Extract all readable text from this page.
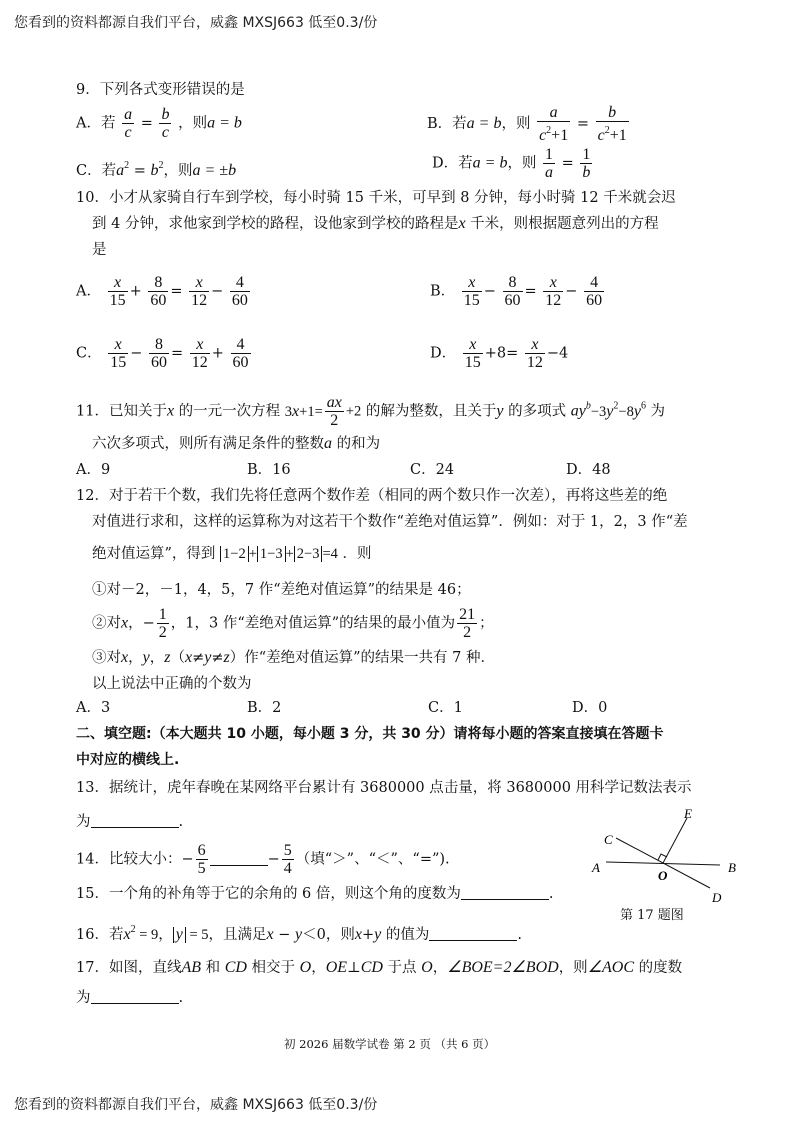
您看到的资料都源自我们平台，威鑫 MXSJ663 低至0.3/份
9．下列各式变形错误的是
A．若 $\frac{a}{c} = \frac{b}{c}$ ，则a = b	B．若a = b，则 $\frac{a}{c^2+1} = \frac{b}{c^2+1}$
C．若$a^2 = b^2$，则a = ±b	D．若a = b，则 $\frac{1}{a} = \frac{1}{b}$
10．小才从家骑自行车到学校，每小时骑 15 千米，可早到 8 分钟，每小时骑 12 千米就会迟
到 4 分钟，求他家到学校的路程，设他家到学校的路程是x 千米，则根据题意列出的方程
是
A． $\frac{x}{15} + \frac{8}{60} = \frac{x}{12} - \frac{4}{60}$	B． $\frac{x}{15} - \frac{8}{60} = \frac{x}{12} - \frac{4}{60}$
C． $\frac{x}{15} - \frac{8}{60} = \frac{x}{12} + \frac{4}{60}$	D． $\frac{x}{15} +8= \frac{x}{12} -4$
11．已知关于x 的一元一次方程 $3x+1= \frac{ax}{2} +2$ 的解为整数，且关于y 的多项式 $ay^b-3y^2-8y^6$ 为
六次多项式，则所有满足条件的整数a 的和为
A．9	B．16	C．24	D．48
12．对于若干个数，我们先将任意两个数作差（相同的两个数只作一次差），再将这些差的绝
对值进行求和，这样的运算称为对这若干个数作“差绝对值运算”．例如：对于 1，2，3 作“差
绝对值运算”，得到 1−2 + 1−3 + 2−3 =4 ．则
①对－2，－1，4，5，7 作“差绝对值运算”的结果是 46；
②对x，− $\frac{1}{2}$ ，1，3 作“差绝对值运算”的结果的最小值为 $\frac{21}{2}$ ；
③对x，y，z（x≠y≠z）作“差绝对值运算”的结果一共有 7 种．
以上说法中正确的个数为
A．3	B．2	C．1	D．0
二、填空题:（本大题共 10 小题，每小题 3 分，共 30 分）请将每小题的答案直接填在答题卡
中对应的横线上.
13．据统计，虎年春晚在某网络平台累计有 3680000 点击量，将 3680000 用科学记数法表示
为	.
14．比较大小：− $\frac{6}{5}$	− $\frac{5}{4}$ （填“＞”、“＜”、“=”).
15．一个角的补角等于它的余角的 6 倍，则这个角的度数为	.
16．若$x^2 = 9$， y = 5，且满足x − y＜0，则x+y 的值为	.
17．如图，直线AB 和 CD 相交于 O，OE⊥CD 于点 O，∠BOE=2∠BOD，则∠AOC 的度数
为	.
A	B
C
D
E
O
第 17 题图
初 2026 届数学试卷 第 2 页 （共 6 页）
您看到的资料都源自我们平台，威鑫 MXSJ663 低至0.3/份
